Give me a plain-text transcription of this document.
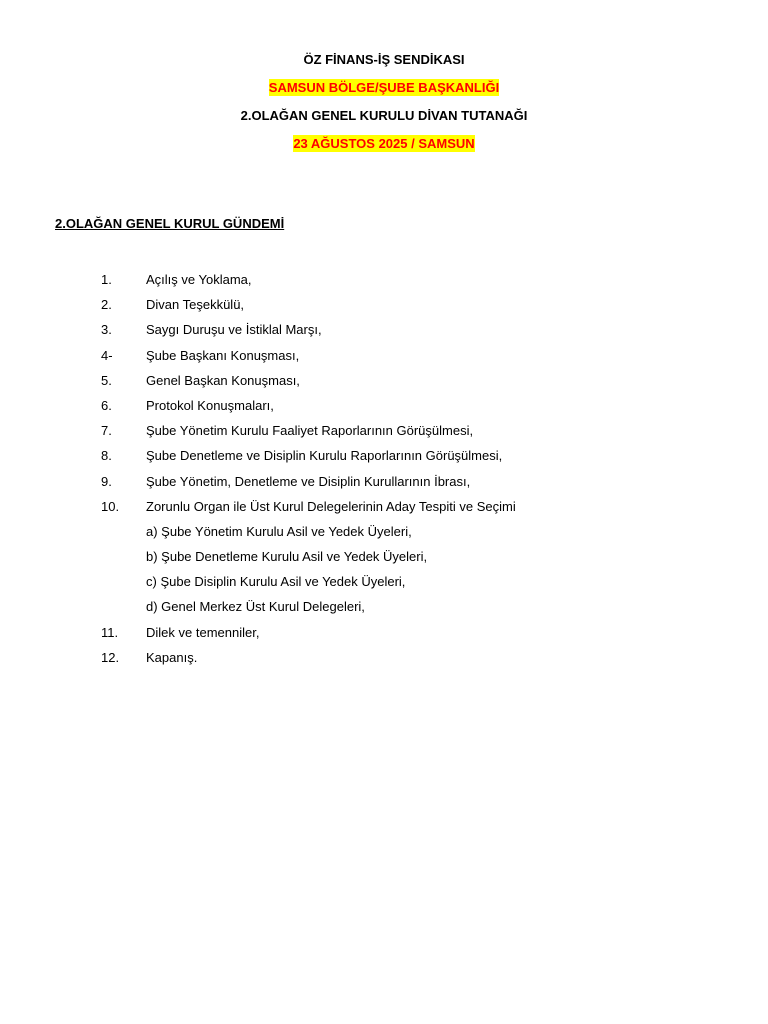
ÖZ FİNANS-İŞ SENDİKASI
SAMSUN BÖLGE/ŞUBE BAŞKANLIĞI
2.OLAĞAN GENEL KURULU DİVAN TUTANAĞI
23 AĞUSTOS 2025 / SAMSUN
2.OLAĞAN GENEL KURUL GÜNDEMİ
1.	Açılış ve Yoklama,
2.	Divan Teşekkülü,
3.	Saygı Duruşu ve İstiklal Marşı,
4-	Şube Başkanı Konuşması,
5.	Genel Başkan Konuşması,
6.	Protokol Konuşmaları,
7.	Şube Yönetim Kurulu Faaliyet Raporlarının Görüşülmesi,
8.	Şube Denetleme ve Disiplin Kurulu Raporlarının Görüşülmesi,
9.	Şube Yönetim, Denetleme ve Disiplin Kurullarının İbrası,
10.	Zorunlu Organ ile Üst Kurul Delegelerinin Aday Tespiti ve Seçimi
a) Şube Yönetim Kurulu Asil ve Yedek Üyeleri,
b) Şube Denetleme Kurulu Asil ve Yedek Üyeleri,
c) Şube Disiplin Kurulu Asil ve Yedek Üyeleri,
d) Genel Merkez Üst Kurul Delegeleri,
11.	Dilek ve temenniler,
12.	Kapanış.
